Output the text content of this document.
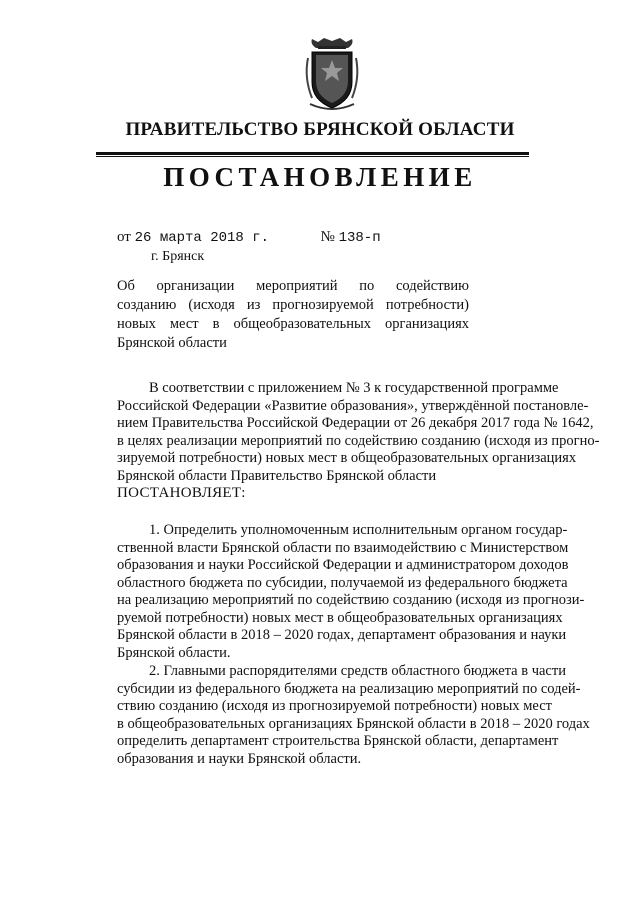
ПРАВИТЕЛЬСТВО БРЯНСКОЙ ОБЛАСТИ
ПОСТАНОВЛЕНИЕ
от 26 марта 2018 г.	№ 138-п
г. Брянск
Об организации мероприятий по содействию
созданию (исходя из прогнозируемой потребности)
новых мест в общеобразовательных организациях
Брянской области
В соответствии с приложением № 3 к государственной программе
Российской Федерации «Развитие образования», утверждённой постановле-
нием Правительства Российской Федерации от 26 декабря 2017 года № 1642,
в целях реализации мероприятий по содействию созданию (исходя из прогно-
зируемой потребности) новых мест в общеобразовательных организациях
Брянской области Правительство Брянской области
ПОСТАНОВЛЯЕТ:
1. Определить уполномоченным исполнительным органом государ-
ственной власти Брянской области по взаимодействию с Министерством
образования и науки Российской Федерации и администратором доходов
областного бюджета по субсидии, получаемой из федерального бюджета
на реализацию мероприятий по содействию созданию (исходя из прогнози-
руемой потребности) новых мест в общеобразовательных организациях
Брянской области в 2018 – 2020 годах, департамент образования и науки
Брянской области.
2. Главными распорядителями средств областного бюджета в части
субсидии из федерального бюджета на реализацию мероприятий по содей-
ствию созданию (исходя из прогнозируемой потребности) новых мест
в общеобразовательных организациях Брянской области в 2018 – 2020 годах
определить департамент строительства Брянской области, департамент
образования и науки Брянской области.
